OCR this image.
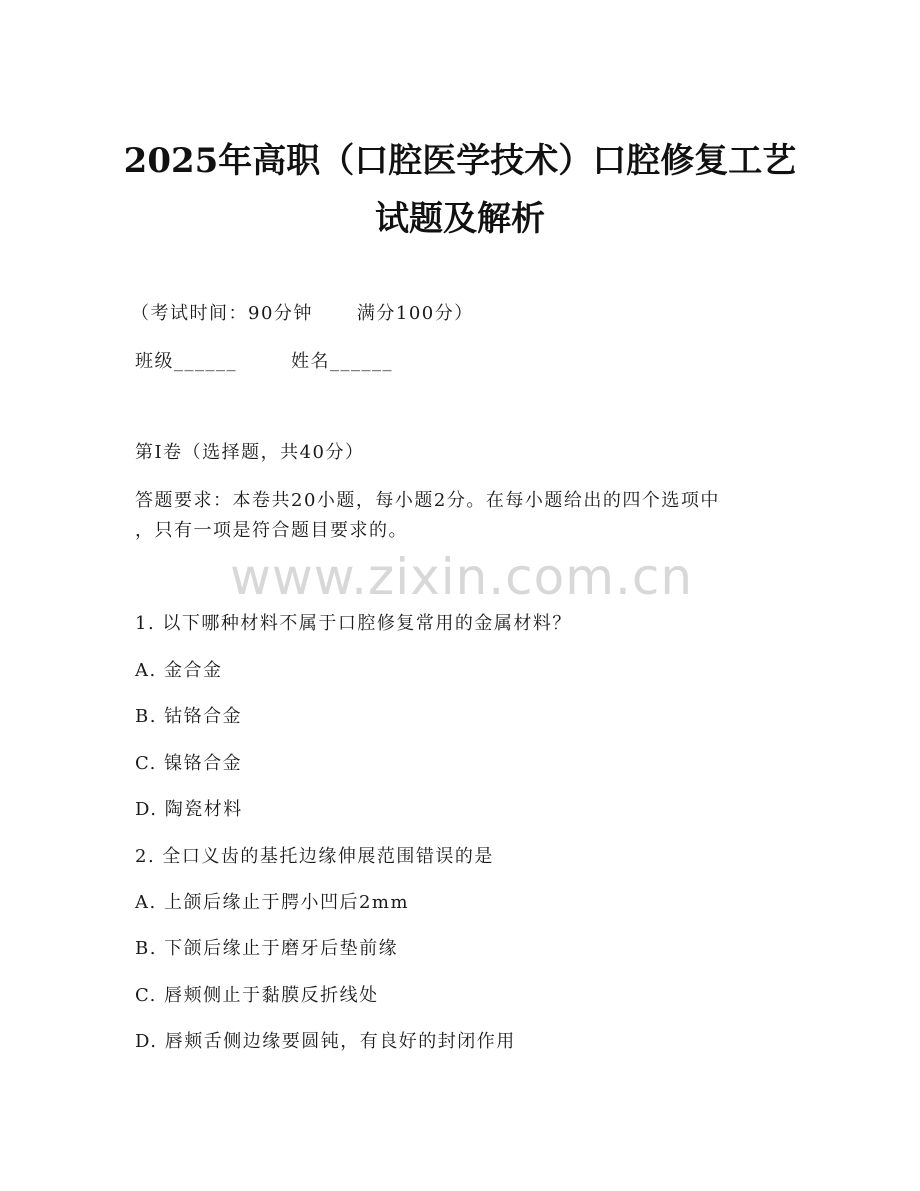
2025年高职（口腔医学技术）口腔修复工艺
试题及解析
（考试时间：90分钟 满分100分）
班级______	姓名______
第I卷（选择题，共40分）
答题要求：本卷共20小题，每小题2分。在每小题给出的四个选项中
，只有一项是符合题目要求的。
www.zixin.com.cn
1. 以下哪种材料不属于口腔修复常用的金属材料？
A. 金合金
B. 钴铬合金
C. 镍铬合金
D. 陶瓷材料
2. 全口义齿的基托边缘伸展范围错误的是
A. 上颌后缘止于腭小凹后2mm
B. 下颌后缘止于磨牙后垫前缘
C. 唇颊侧止于黏膜反折线处
D. 唇颊舌侧边缘要圆钝，有良好的封闭作用
